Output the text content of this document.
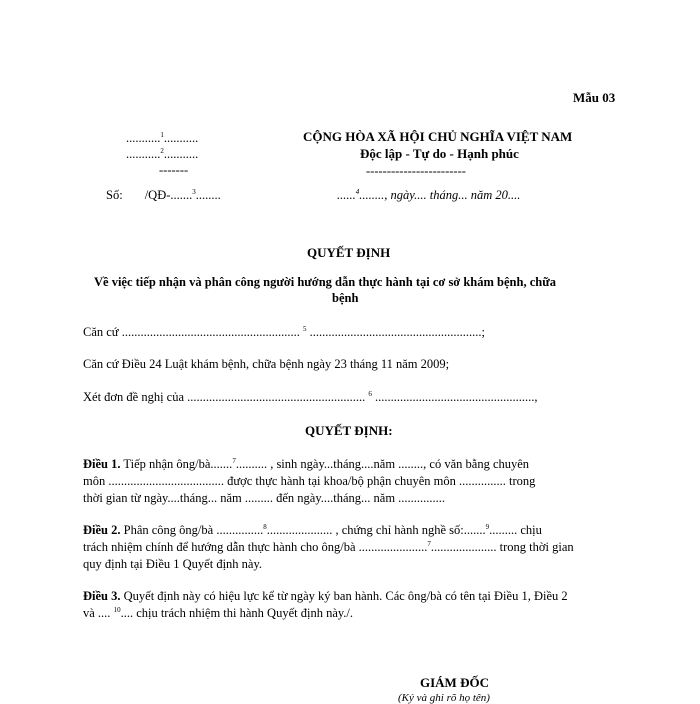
Mẫu 03
...........$^1$...........
...........$^2$...........
-------
Số: /QĐ-.......$^3$........
CỘNG HÒA XÃ HỘI CHỦ NGHĨA VIỆT NAM
Độc lập - Tự do - Hạnh phúc
------------------------
......$^4$........, ngày.... tháng... năm 20....
QUYẾT ĐỊNH
Về việc tiếp nhận và phân công người hướng dẫn thực hành tại cơ sở khám bệnh, chữa
bệnh
Căn cứ ......................................................... $^5$ .......................................................;
Căn cứ Điều 24 Luật khám bệnh, chữa bệnh ngày 23 tháng 11 năm 2009;
Xét đơn đề nghị của ......................................................... $^6$ ...................................................,
QUYẾT ĐỊNH:
Điều 1. Tiếp nhận ông/bà.......$^7$.......... , sinh ngày...tháng....năm ........, có văn bằng chuyên
môn ..................................... được thực hành tại khoa/bộ phận chuyên môn ............... trong
thời gian từ ngày....tháng... năm ......... đến ngày....tháng... năm ...............
Điều 2. Phân công ông/bà ...............$^8$..................... , chứng chỉ hành nghề số:.......$^9$......... chịu
trách nhiệm chính để hướng dẫn thực hành cho ông/bà ......................$^7$..................... trong thời gian
quy định tại Điều 1 Quyết định này.
Điều 3. Quyết định này có hiệu lực kể từ ngày ký ban hành. Các ông/bà có tên tại Điều 1, Điều 2
và .... $^{10}$.... chịu trách nhiệm thi hành Quyết định này./.
GIÁM ĐỐC
(Ký và ghi rõ họ tên)
